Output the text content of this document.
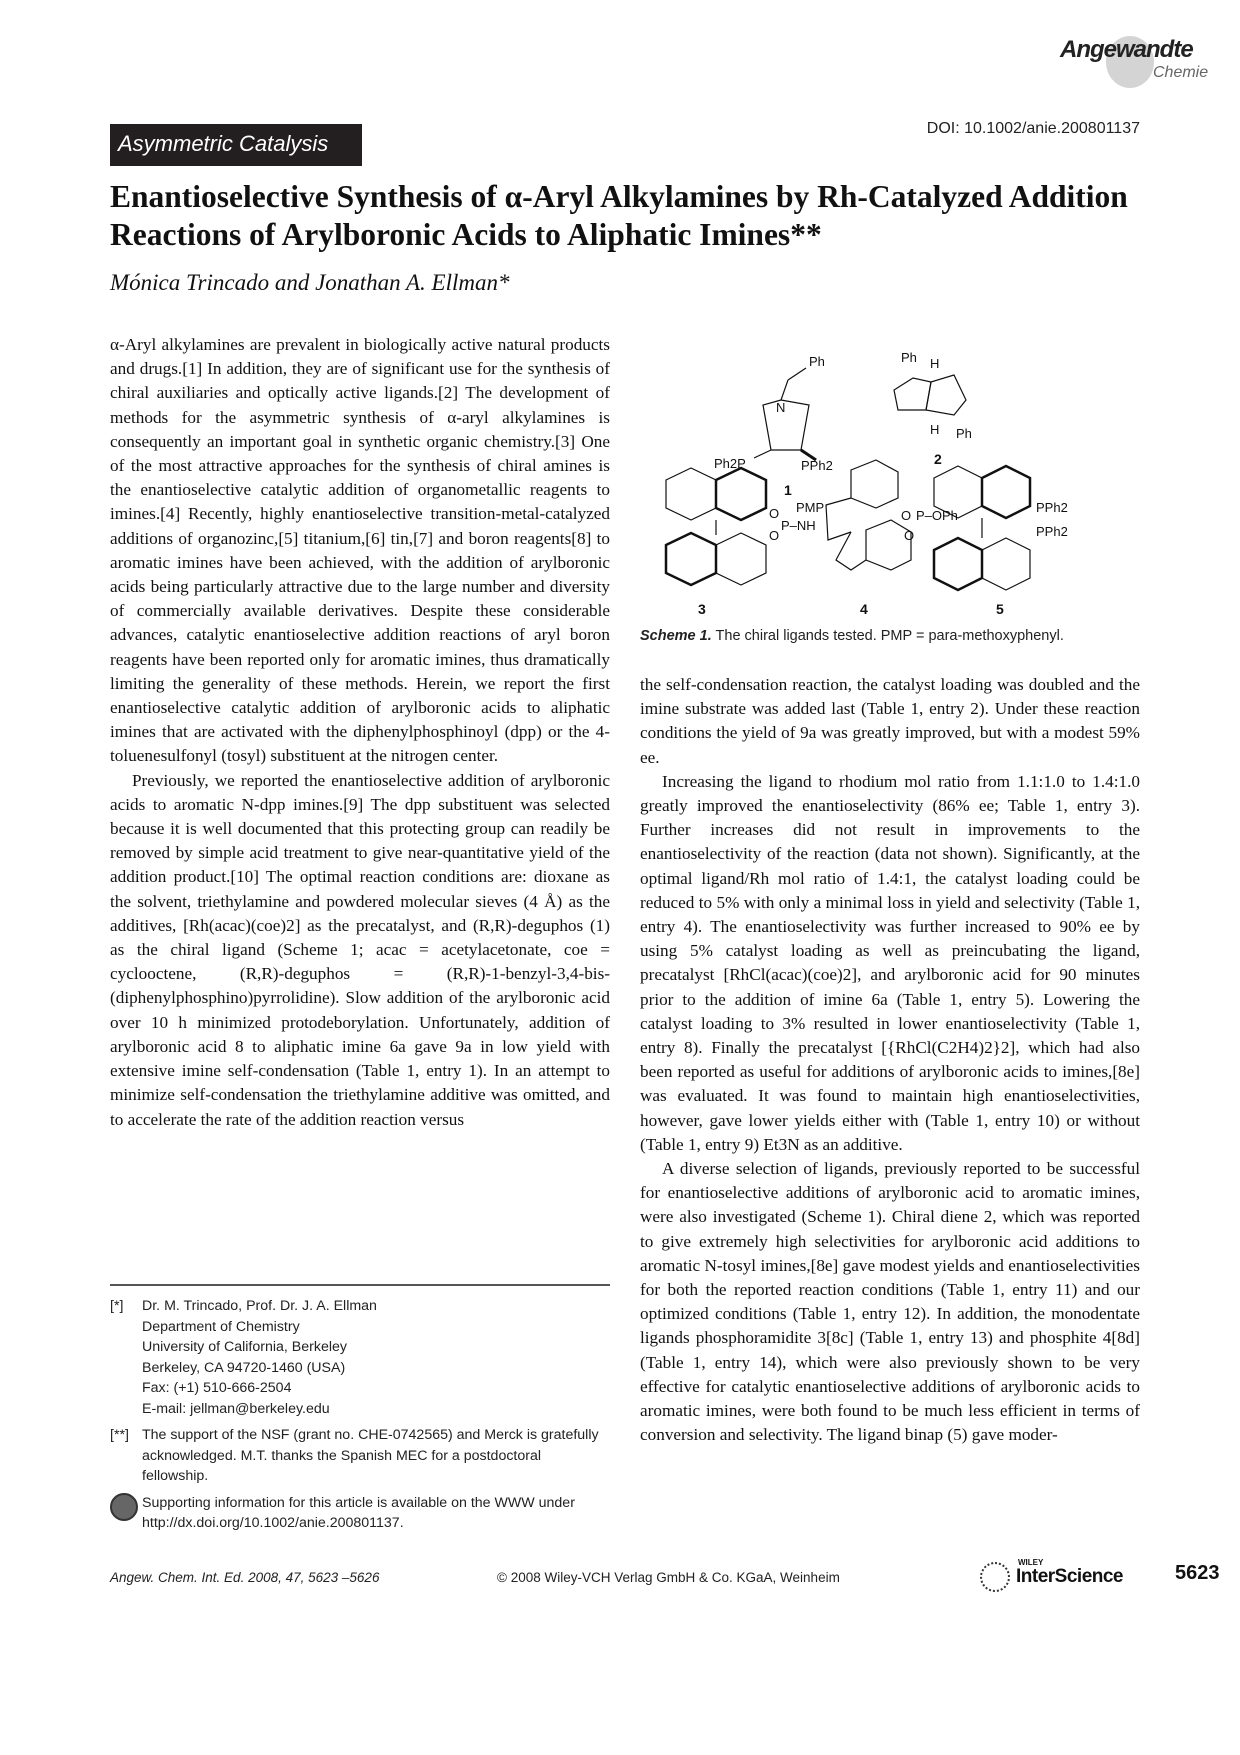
Angewandte
Chemie
DOI: 10.1002/anie.200801137
Asymmetric Catalysis
Enantioselective Synthesis of α-Aryl Alkylamines by Rh-Catalyzed Addition Reactions of Arylboronic Acids to Aliphatic Imines**
Mónica Trincado and Jonathan A. Ellman*

α-Aryl alkylamines are prevalent in biologically active natural products and drugs.[1] In addition, they are of significant use for the synthesis of chiral auxiliaries and optically active ligands.[2] The development of methods for the asymmetric synthesis of α-aryl alkylamines is consequently an important goal in synthetic organic chemistry.[3] One of the most attractive approaches for the synthesis of chiral amines is the enantioselective catalytic addition of organometallic reagents to imines.[4] Recently, highly enantioselective transition-metal-catalyzed additions of organozinc,[5] titanium,[6] tin,[7] and boron reagents[8] to aromatic imines have been achieved, with the addition of arylboronic acids being particularly attractive due to the large number and diversity of commercially available derivatives. Despite these considerable advances, catalytic enantioselective addition reactions of aryl boron reagents have been reported only for aromatic imines, thus dramatically limiting the generality of these methods. Herein, we report the first enantioselective catalytic addition of arylboronic acids to aliphatic imines that are activated with the diphenylphosphinoyl (dpp) or the 4-toluenesulfonyl (tosyl) substituent at the nitrogen center.

Previously, we reported the enantioselective addition of arylboronic acids to aromatic N-dpp imines.[9] The dpp substituent was selected because it is well documented that this protecting group can readily be removed by simple acid treatment to give near-quantitative yield of the addition product.[10] The optimal reaction conditions are: dioxane as the solvent, triethylamine and powdered molecular sieves (4 Å) as the additives, [Rh(acac)(coe)2] as the precatalyst, and (R,R)-deguphos (1) as the chiral ligand (Scheme 1; acac = acetylacetonate, coe = cyclooctene, (R,R)-deguphos = (R,R)-1-benzyl-3,4-bis-(diphenylphosphino)pyrrolidine). Slow addition of the arylboronic acid over 10 h minimized protodeborylation. Unfortunately, addition of arylboronic acid 8 to aliphatic imine 6a gave 9a in low yield with extensive imine self-condensation (Table 1, entry 1). In an attempt to minimize self-condensation the triethylamine additive was omitted, and to accelerate the rate of the addition reaction versus

Ph
N
Ph2P	PPh2
1
Ph H
H Ph
2
O
O
P–NH
PMP
3
O
O
P–OPh
4
PPh2
PPh2
5
Scheme 1. The chiral ligands tested. PMP = para-methoxyphenyl.

the self-condensation reaction, the catalyst loading was doubled and the imine substrate was added last (Table 1, entry 2). Under these reaction conditions the yield of 9a was greatly improved, but with a modest 59% ee.

Increasing the ligand to rhodium mol ratio from 1.1:1.0 to 1.4:1.0 greatly improved the enantioselectivity (86% ee; Table 1, entry 3). Further increases did not result in improvements to the enantioselectivity of the reaction (data not shown). Significantly, at the optimal ligand/Rh mol ratio of 1.4:1, the catalyst loading could be reduced to 5% with only a minimal loss in yield and selectivity (Table 1, entry 4). The enantioselectivity was further increased to 90% ee by using 5% catalyst loading as well as preincubating the ligand, precatalyst [RhCl(acac)(coe)2], and arylboronic acid for 90 minutes prior to the addition of imine 6a (Table 1, entry 5). Lowering the catalyst loading to 3% resulted in lower enantioselectivity (Table 1, entry 8). Finally the precatalyst [{RhCl(C2H4)2}2], which had also been reported as useful for additions of arylboronic acids to imines,[8e] was evaluated. It was found to maintain high enantioselectivities, however, gave lower yields either with (Table 1, entry 10) or without (Table 1, entry 9) Et3N as an additive.

A diverse selection of ligands, previously reported to be successful for enantioselective additions of arylboronic acid to aromatic imines, were also investigated (Scheme 1). Chiral diene 2, which was reported to give extremely high selectivities for arylboronic acid additions to aromatic N-tosyl imines,[8e] gave modest yields and enantioselectivities for both the reported reaction conditions (Table 1, entry 11) and our optimized conditions (Table 1, entry 12). In addition, the monodentate ligands phosphoramidite 3[8c] (Table 1, entry 13) and phosphite 4[8d] (Table 1, entry 14), which were also previously shown to be very effective for catalytic enantioselective additions of arylboronic acids to aromatic imines, were both found to be much less efficient in terms of conversion and selectivity. The ligand binap (5) gave moder-

[*]	Dr. M. Trincado, Prof. Dr. J. A. Ellman
Department of Chemistry
University of California, Berkeley
Berkeley, CA 94720-1460 (USA)
Fax: (+1) 510-666-2504
E-mail: jellman@berkeley.edu
[**] The support of the NSF (grant no. CHE-0742565) and Merck is gratefully acknowledged. M.T. thanks the Spanish MEC for a postdoctoral fellowship.
Supporting information for this article is available on the WWW under http://dx.doi.org/10.1002/anie.200801137.
Angew. Chem. Int. Ed. 2008, 47, 5623 –5626	© 2008 Wiley-VCH Verlag GmbH & Co. KGaA, Weinheim
WILEY
InterScience	5623
